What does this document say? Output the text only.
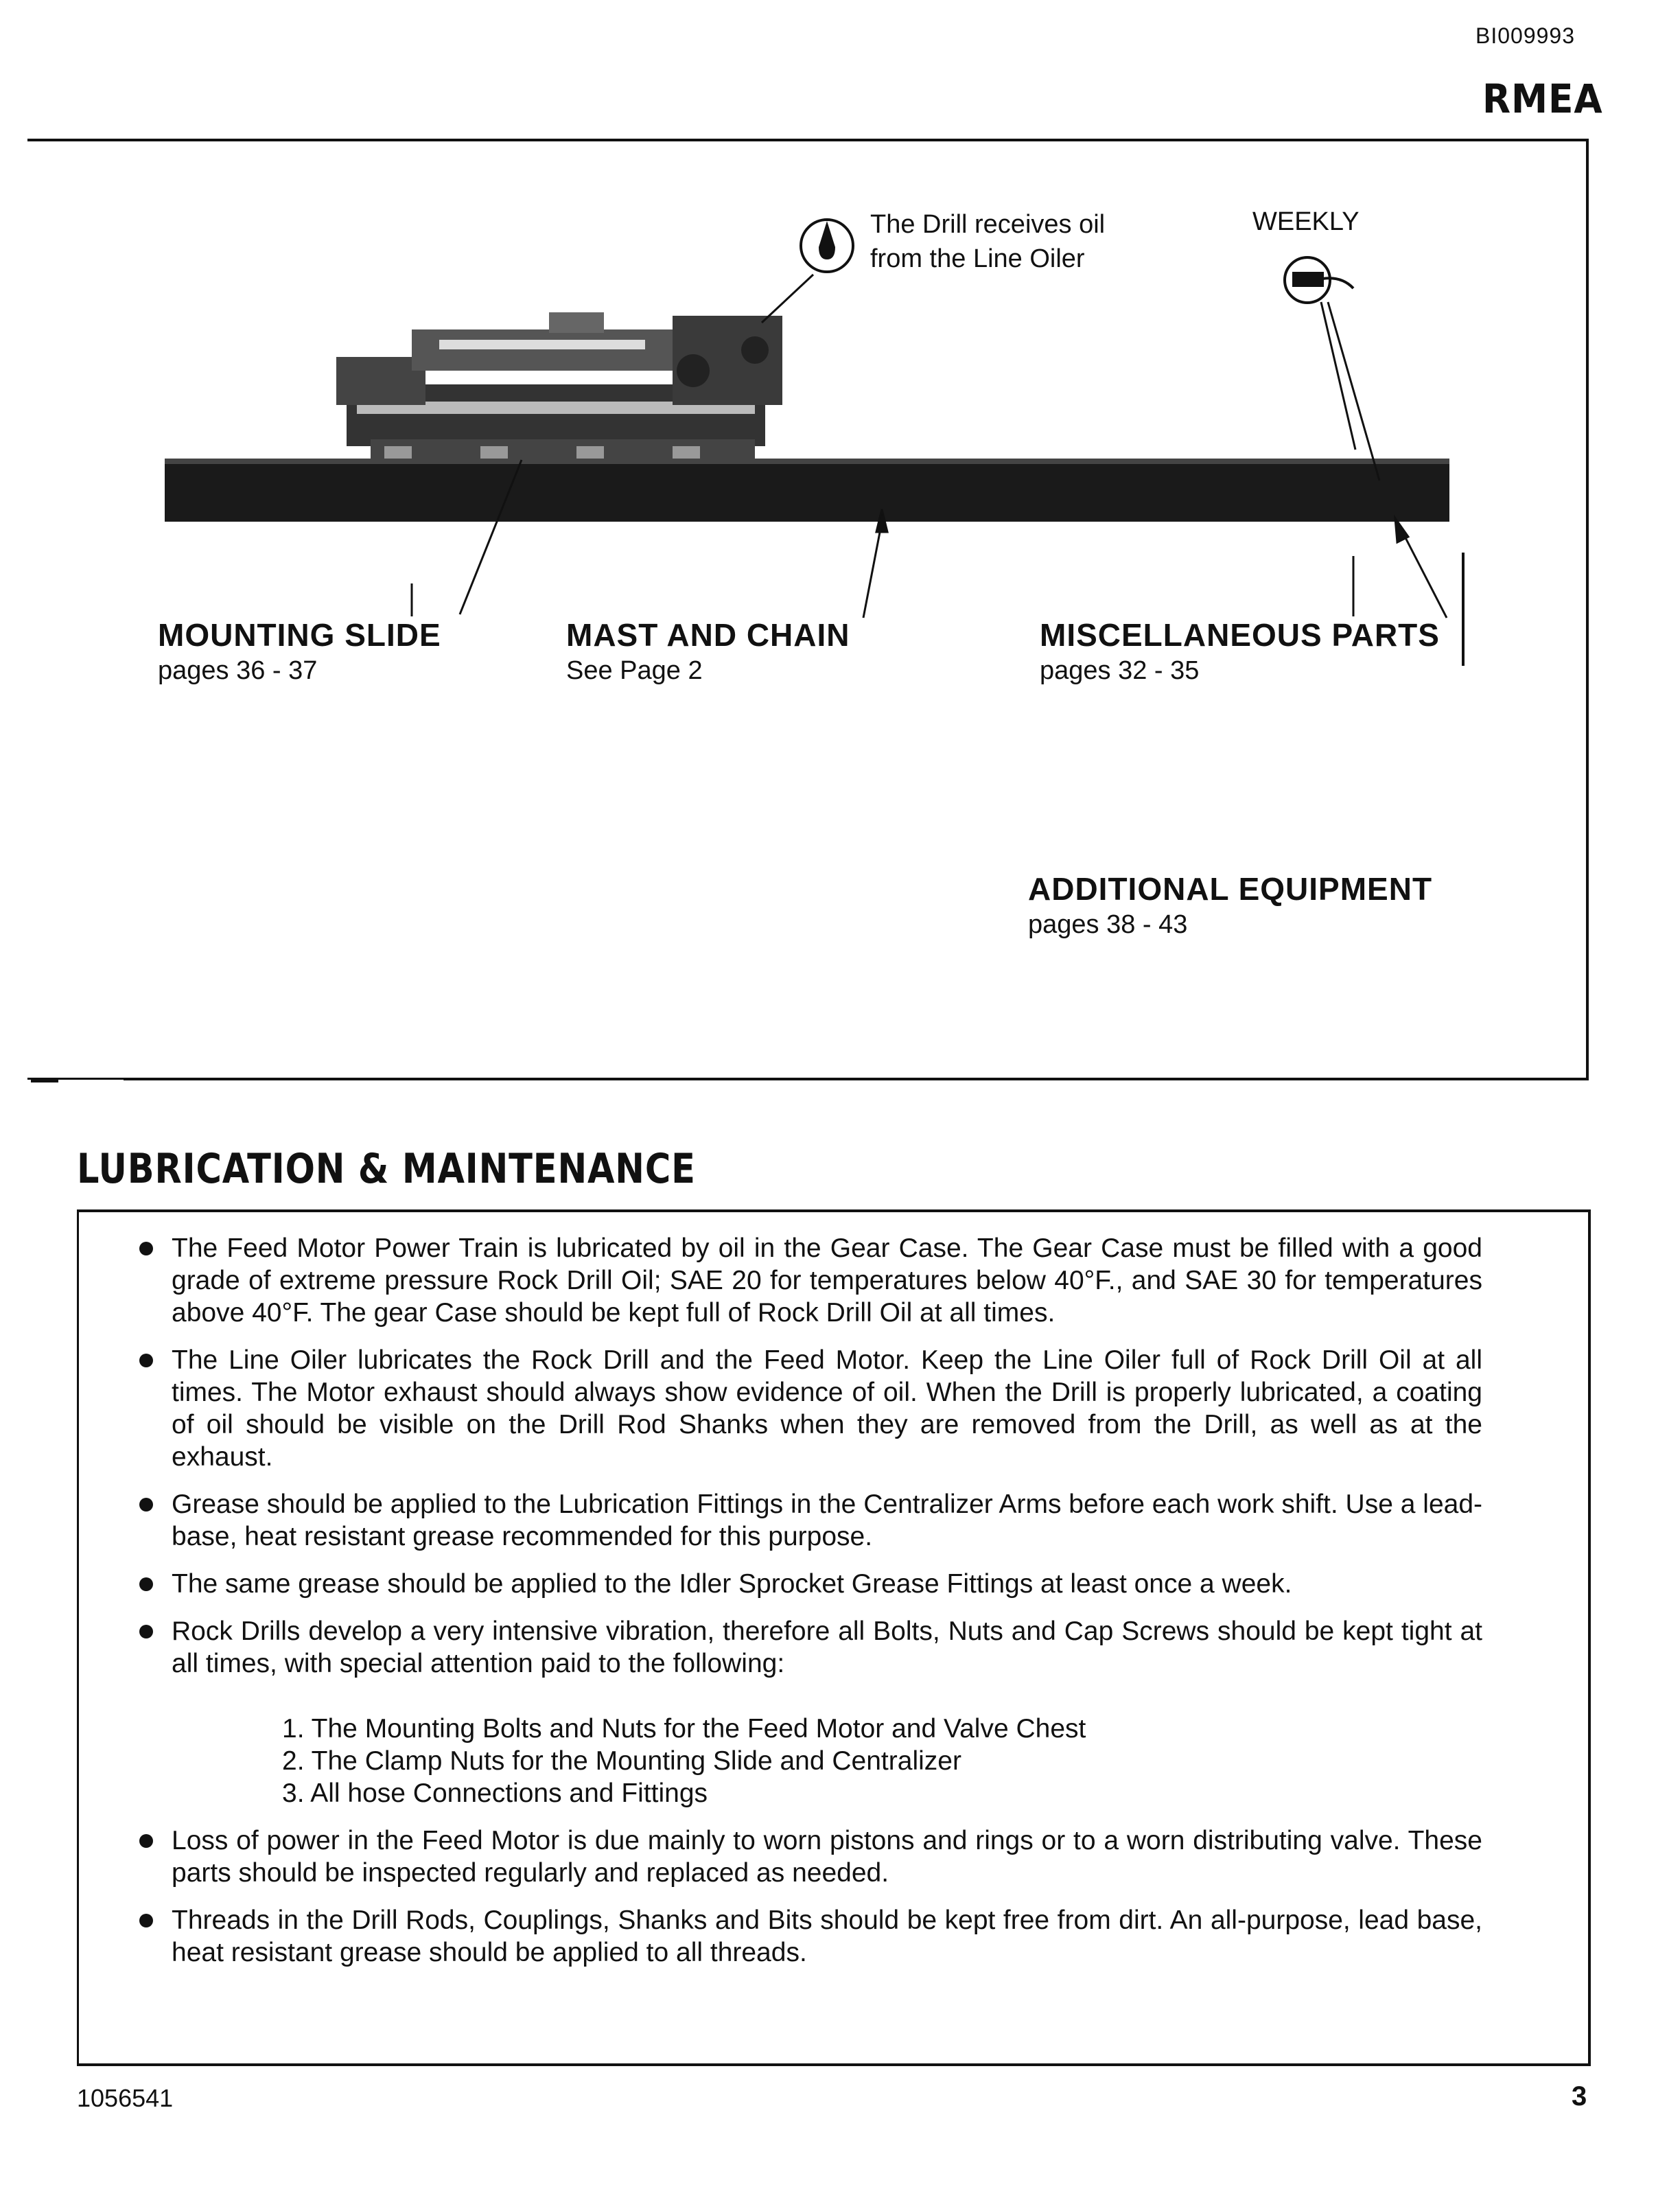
BI009993
RMEA
The Drill receives oil
from the Line Oiler
WEEKLY
MOUNTING SLIDE
pages 36 - 37
MAST AND CHAIN
See Page 2
MISCELLANEOUS PARTS
pages 32 - 35
ADDITIONAL EQUIPMENT
pages 38 - 43
LUBRICATION & MAINTENANCE
The Feed Motor Power Train is lubricated by oil in the Gear Case. The Gear Case must be filled with a good grade of extreme pressure Rock Drill Oil; SAE 20 for temperatures below 40°F., and SAE 30 for temperatures above 40°F. The gear Case should be kept full of Rock Drill Oil at all times.
The Line Oiler lubricates the Rock Drill and the Feed Motor. Keep the Line Oiler full of Rock Drill Oil at all times. The Motor exhaust should always show evidence of oil. When the Drill is properly lubricated, a coating of oil should be visible on the Drill Rod Shanks when they are removed from the Drill, as well as at the exhaust.
Grease should be applied to the Lubrication Fittings in the Centralizer Arms before each work shift. Use a lead-base, heat resistant grease recommended for this purpose.
The same grease should be applied to the Idler Sprocket Grease Fittings at least once a week.
Rock Drills develop a very intensive vibration, therefore all Bolts, Nuts and Cap Screws should be kept tight at all times, with special attention paid to the following:
1. The Mounting Bolts and Nuts for the Feed Motor and Valve Chest
2. The Clamp Nuts for the Mounting Slide and Centralizer
3. All hose Connections and Fittings
Loss of power in the Feed Motor is due mainly to worn pistons and rings or to a worn distributing valve. These parts should be inspected regularly and replaced as needed.
Threads in the Drill Rods, Couplings, Shanks and Bits should be kept free from dirt. An all-purpose, lead base, heat resistant grease should be applied to all threads.
1056541	3
